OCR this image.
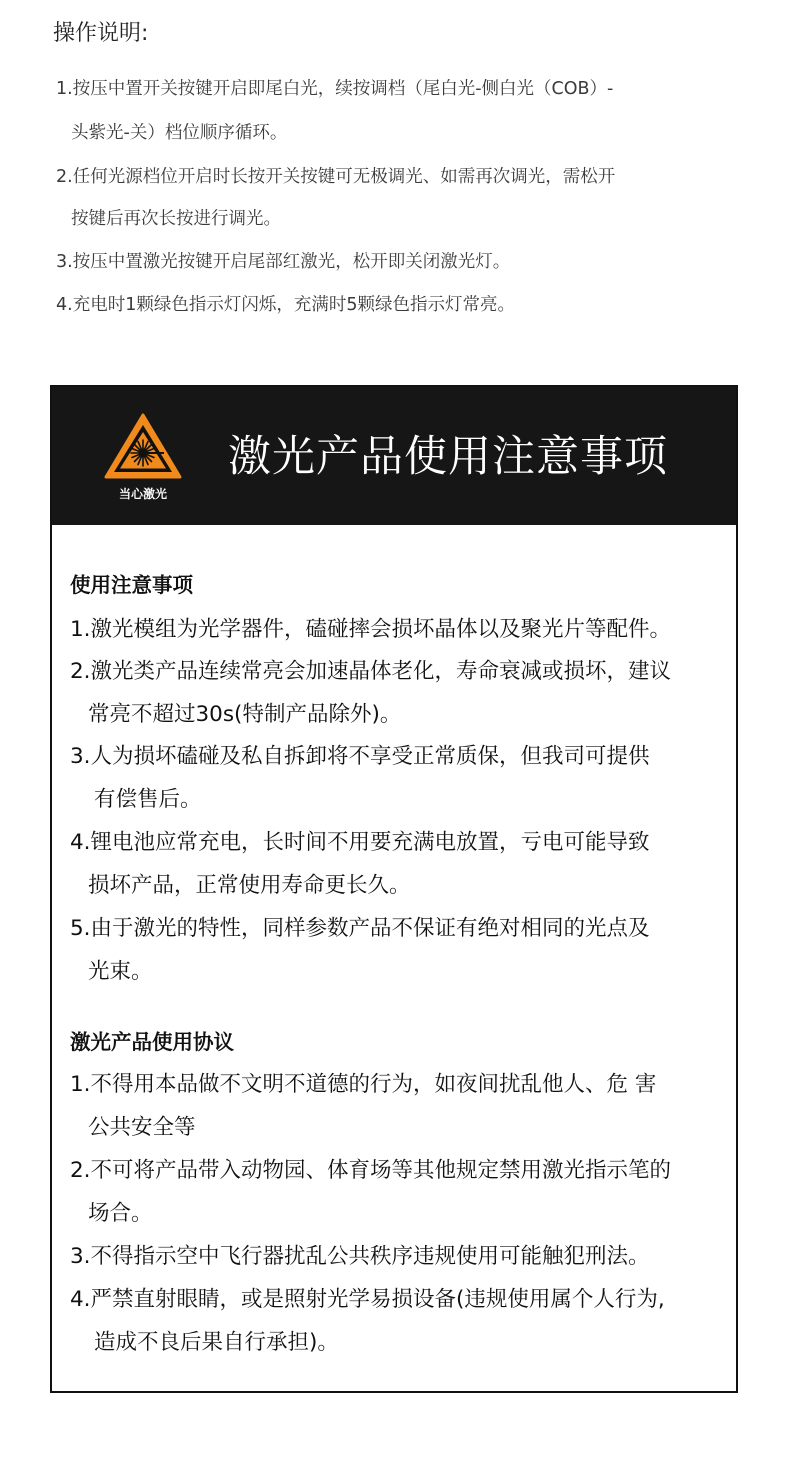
操作说明:
1.按压中置开关按键开启即尾白光，续按调档（尾白光-侧白光（COB）-
头紫光-关）档位顺序循环。
2.任何光源档位开启时长按开关按键可无极调光、如需再次调光，需松开
按键后再次长按进行调光。
3.按压中置激光按键开启尾部红激光，松开即关闭激光灯。
4.充电时1颗绿色指示灯闪烁，充满时5颗绿色指示灯常亮。
当心激光
激光产品使用注意事项
使用注意事项
1.激光模组为光学器件，磕碰摔会损坏晶体以及聚光片等配件。
2.激光类产品连续常亮会加速晶体老化，寿命衰减或损坏，建议
常亮不超过30s(特制产品除外)。
3.人为损坏磕碰及私自拆卸将不享受正常质保，但我司可提供
有偿售后。
4.锂电池应常充电，长时间不用要充满电放置，亏电可能导致
损坏产品，正常使用寿命更长久。
5.由于激光的特性，同样参数产品不保证有绝对相同的光点及
光束。
激光产品使用协议
1.不得用本品做不文明不道德的行为，如夜间扰乱他人、危 害
公共安全等
2.不可将产品带入动物园、体育场等其他规定禁用激光指示笔的
场合。
3.不得指示空中飞行器扰乱公共秩序违规使用可能触犯刑法。
4.严禁直射眼睛，或是照射光学易损设备(违规使用属个人行为,
造成不良后果自行承担)。
